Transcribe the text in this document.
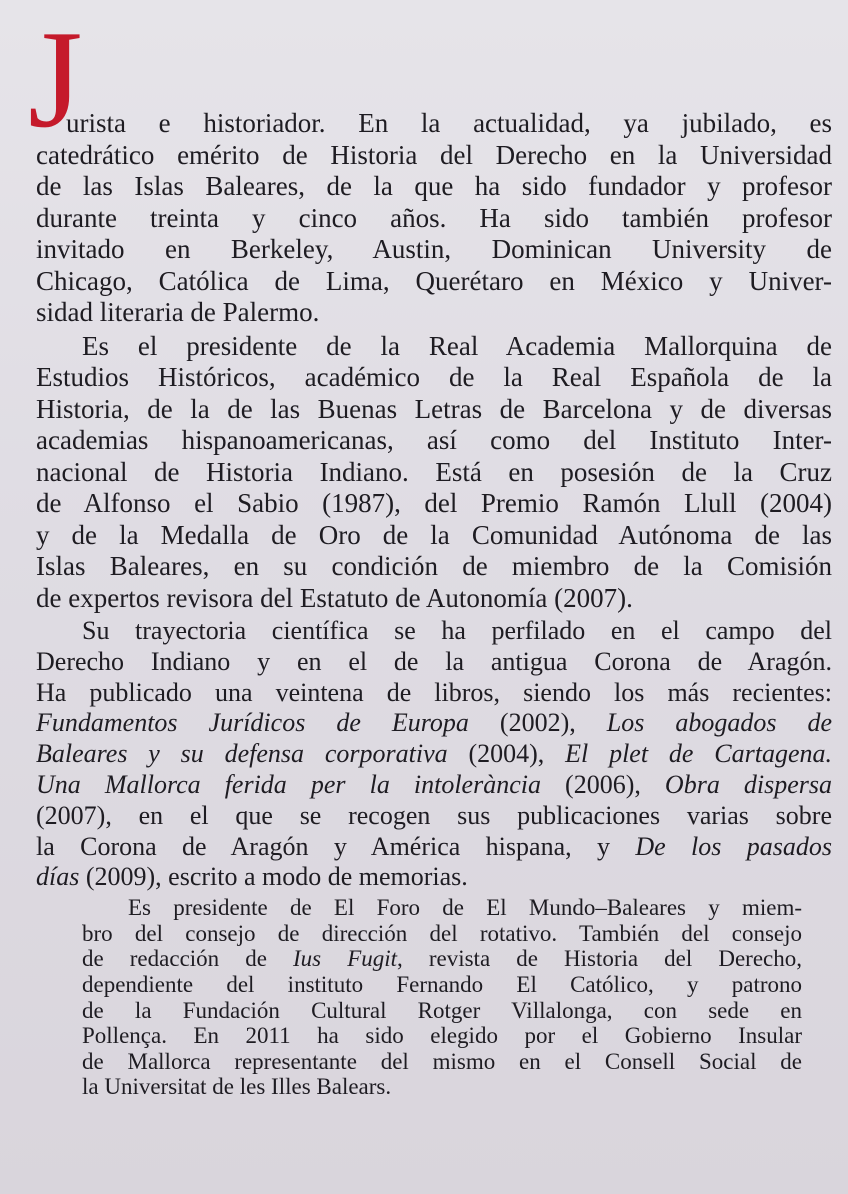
J
urista e historiador. En la actualidad, ya jubilado, es
catedrático emérito de Historia del Derecho en la Universidad
de las Islas Baleares, de la que ha sido fundador y profesor
durante treinta y cinco años. Ha sido también profesor
invitado en Berkeley, Austin, Dominican University de
Chicago, Católica de Lima, Querétaro en México y Univer-
sidad literaria de Palermo.
Es el presidente de la Real Academia Mallorquina de
Estudios Históricos, académico de la Real Española de la
Historia, de la de las Buenas Letras de Barcelona y de diversas
academias hispanoamericanas, así como del Instituto Inter-
nacional de Historia Indiano. Está en posesión de la Cruz
de Alfonso el Sabio (1987), del Premio Ramón Llull (2004)
y de la Medalla de Oro de la Comunidad Autónoma de las
Islas Baleares, en su condición de miembro de la Comisión
de expertos revisora del Estatuto de Autonomía (2007).
Su trayectoria científica se ha perfilado en el campo del
Derecho Indiano y en el de la antigua Corona de Aragón.
Ha publicado una veintena de libros, siendo los más recientes:
Fundamentos Jurídicos de Europa (2002), Los abogados de
Baleares y su defensa corporativa (2004), El plet de Cartagena.
Una Mallorca ferida per la intolerància (2006), Obra dispersa
(2007), en el que se recogen sus publicaciones varias sobre
la Corona de Aragón y América hispana, y De los pasados
días (2009), escrito a modo de memorias.
Es presidente de El Foro de El Mundo–Baleares y miem-
bro del consejo de dirección del rotativo. También del consejo
de redacción de Ius Fugit, revista de Historia del Derecho,
dependiente del instituto Fernando El Católico, y patrono
de la Fundación Cultural Rotger Villalonga, con sede en
Pollença. En 2011 ha sido elegido por el Gobierno Insular
de Mallorca representante del mismo en el Consell Social de
la Universitat de les Illes Balears.
